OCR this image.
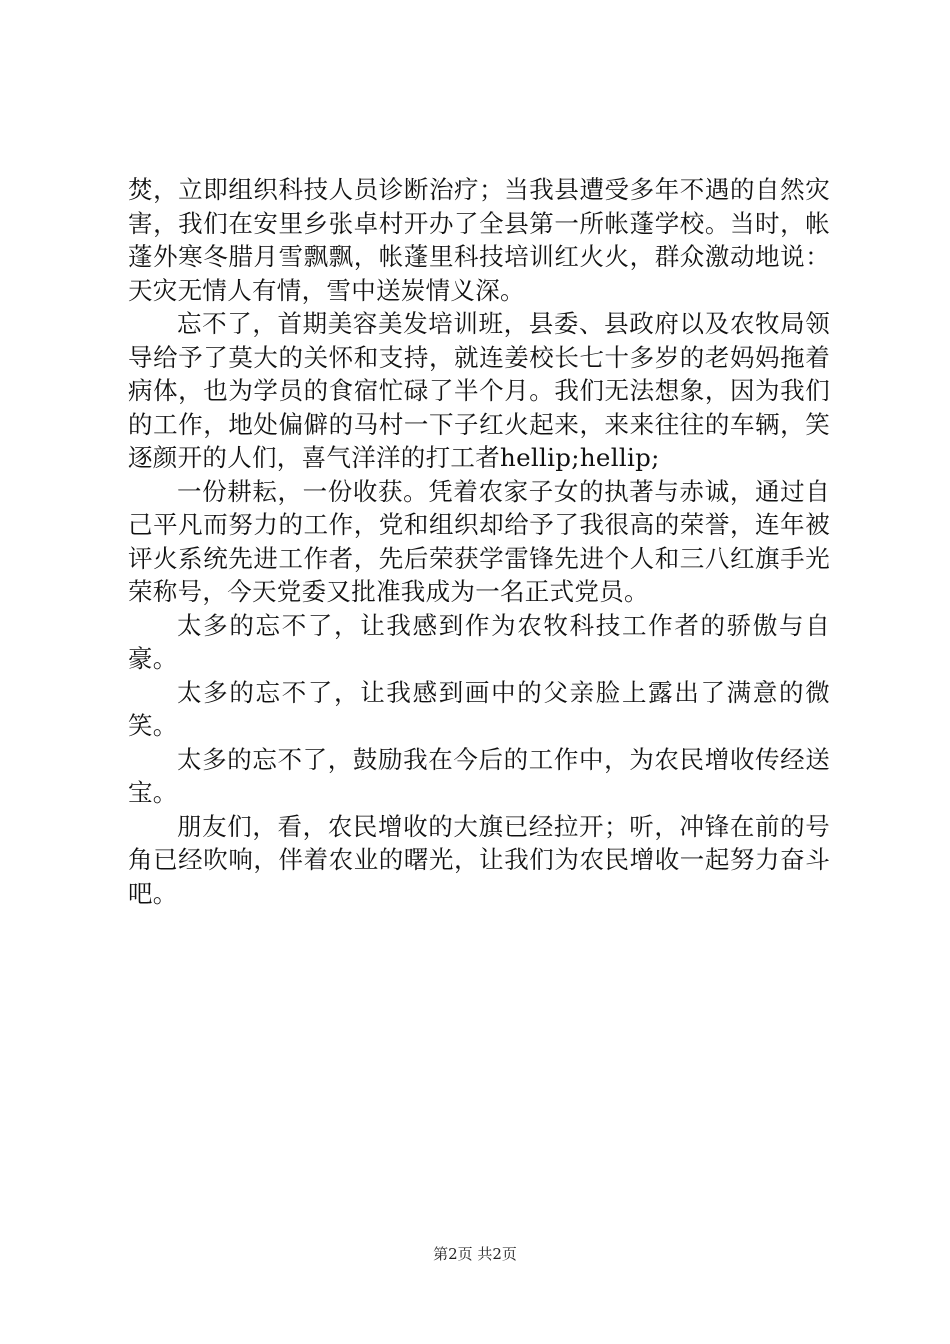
焚，立即组织科技人员诊断治疗；当我县遭受多年不遇的自然灾害，我们在安里乡张卓村开办了全县第一所帐蓬学校。当时，帐蓬外寒冬腊月雪飘飘，帐蓬里科技培训红火火，群众激动地说：天灾无情人有情，雪中送炭情义深。

忘不了，首期美容美发培训班，县委、县政府以及农牧局领导给予了莫大的关怀和支持，就连姜校长七十多岁的老妈妈拖着病体，也为学员的食宿忙碌了半个月。我们无法想象，因为我们的工作，地处偏僻的马村一下子红火起来，来来往往的车辆，笑逐颜开的人们，喜气洋洋的打工者hellip;hellip;

一份耕耘，一份收获。凭着农家子女的执著与赤诚，通过自己平凡而努力的工作，党和组织却给予了我很高的荣誉，连年被评火系统先进工作者，先后荣获学雷锋先进个人和三八红旗手光荣称号，今天党委又批准我成为一名正式党员。

太多的忘不了，让我感到作为农牧科技工作者的骄傲与自豪。

太多的忘不了，让我感到画中的父亲脸上露出了满意的微笑。

太多的忘不了，鼓励我在今后的工作中，为农民增收传经送宝。

朋友们，看，农民增收的大旗已经拉开；听，冲锋在前的号角已经吹响，伴着农业的曙光，让我们为农民增收一起努力奋斗吧。

第2页 共2页
